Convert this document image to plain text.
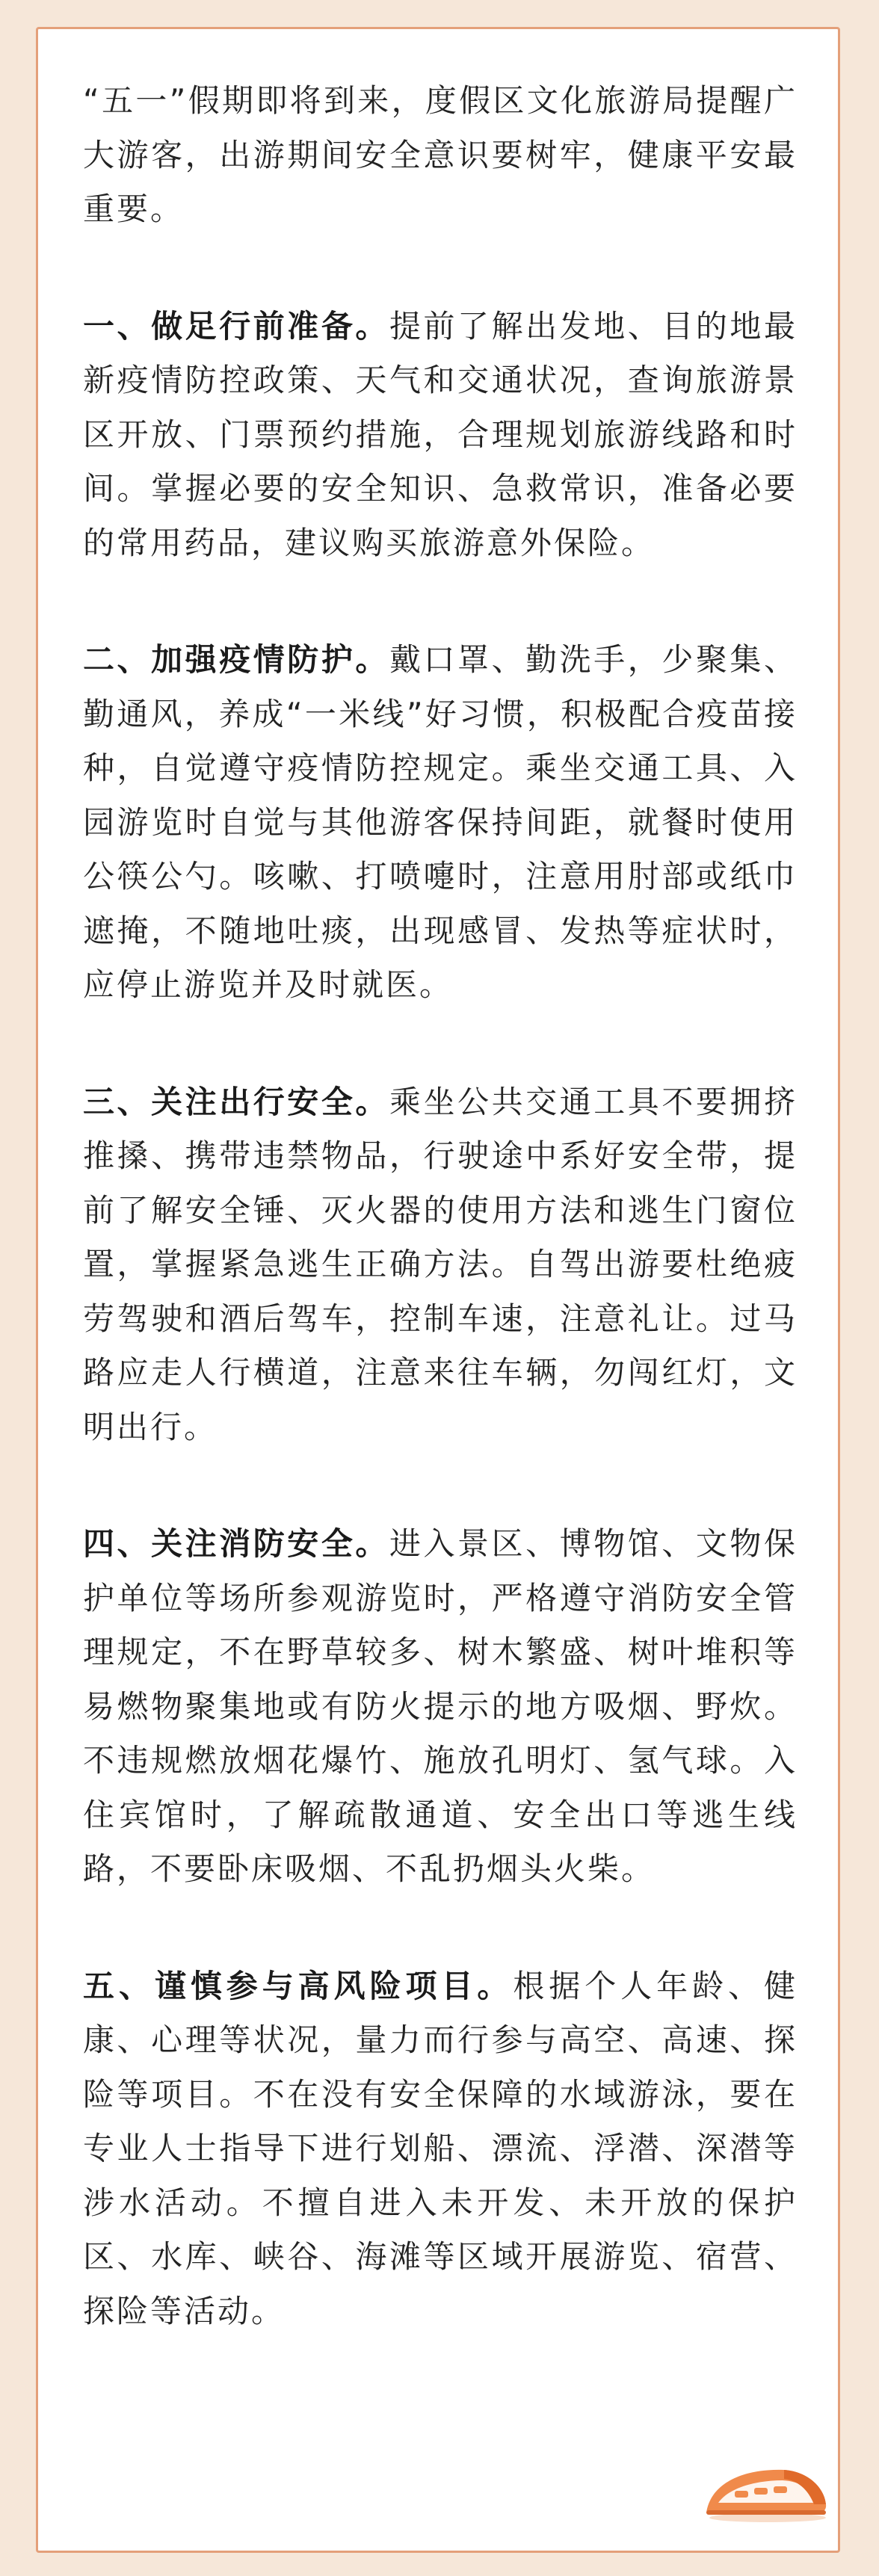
“五一”假期即将到来，度假区文化旅游局提醒广大游客，出游期间安全意识要树牢，健康平安最重要。

一、做足行前准备。提前了解出发地、目的地最新疫情防控政策、天气和交通状况，查询旅游景区开放、门票预约措施，合理规划旅游线路和时间。掌握必要的安全知识、急救常识，准备必要的常用药品，建议购买旅游意外保险。

二、加强疫情防护。戴口罩、勤洗手，少聚集、勤通风，养成“一米线”好习惯，积极配合疫苗接种，自觉遵守疫情防控规定。乘坐交通工具、入园游览时自觉与其他游客保持间距，就餐时使用公筷公勺。咳嗽、打喷嚏时，注意用肘部或纸巾遮掩，不随地吐痰，出现感冒、发热等症状时，应停止游览并及时就医。

三、关注出行安全。乘坐公共交通工具不要拥挤推搡、携带违禁物品，行驶途中系好安全带，提前了解安全锤、灭火器的使用方法和逃生门窗位置，掌握紧急逃生正确方法。自驾出游要杜绝疲劳驾驶和酒后驾车，控制车速，注意礼让。过马路应走人行横道，注意来往车辆，勿闯红灯，文明出行。

四、关注消防安全。进入景区、博物馆、文物保护单位等场所参观游览时，严格遵守消防安全管理规定，不在野草较多、树木繁盛、树叶堆积等易燃物聚集地或有防火提示的地方吸烟、野炊。不违规燃放烟花爆竹、施放孔明灯、氢气球。入住宾馆时，了解疏散通道、安全出口等逃生线路，不要卧床吸烟、不乱扔烟头火柴。

五、谨慎参与高风险项目。根据个人年龄、健康、心理等状况，量力而行参与高空、高速、探险等项目。不在没有安全保障的水域游泳，要在专业人士指导下进行划船、漂流、浮潜、深潜等涉水活动。不擅自进入未开发、未开放的保护区、水库、峡谷、海滩等区域开展游览、宿营、探险等活动。
